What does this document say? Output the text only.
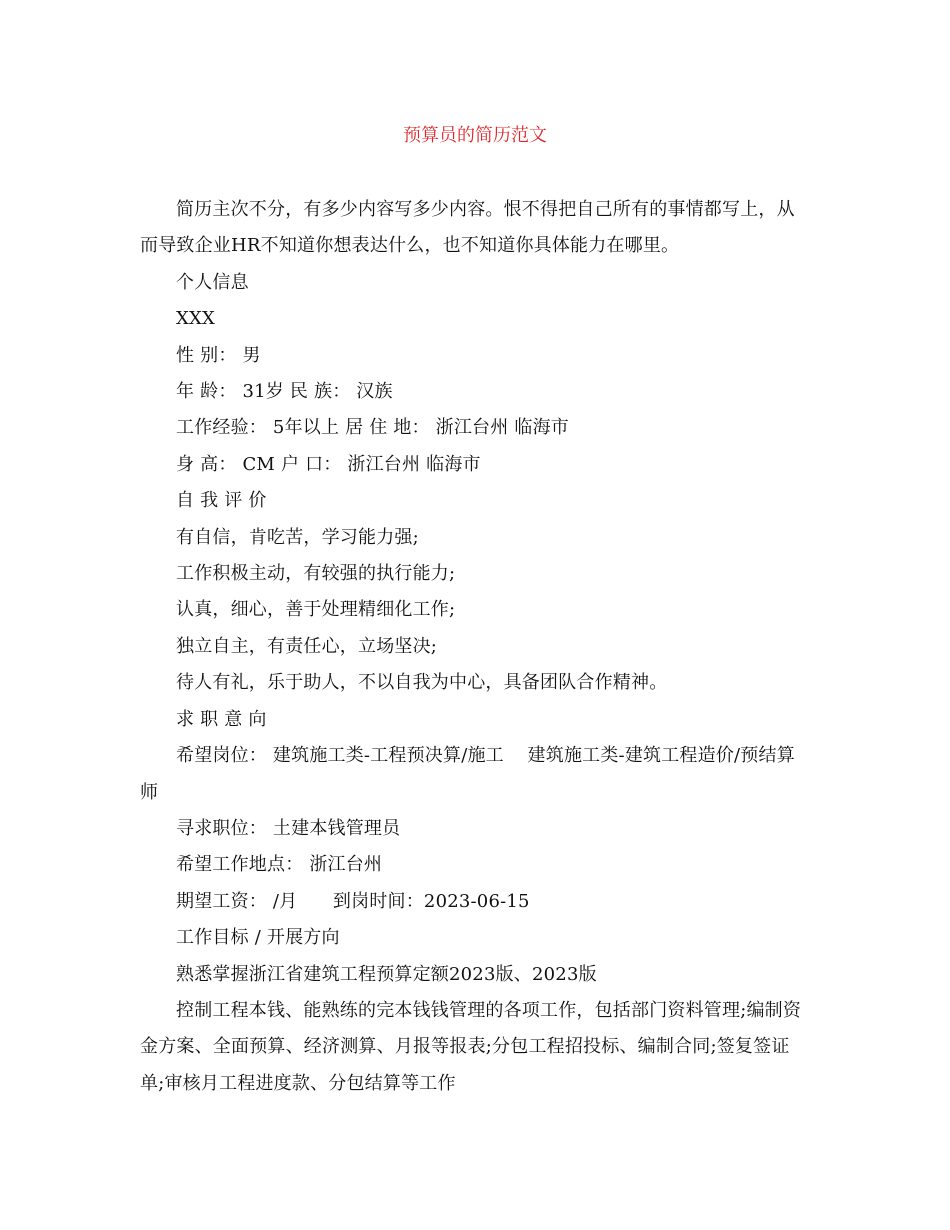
预算员的简历范文

简历主次不分，有多少内容写多少内容。恨不得把自己所有的事情都写上，从而导致企业HR不知道你想表达什么，也不知道你具体能力在哪里。

个人信息

XXX

性 别： 男

年 龄： 31岁 民 族： 汉族

工作经验： 5年以上 居 住 地： 浙江台州 临海市

身 高： CM 户 口： 浙江台州 临海市

自 我 评 价

有自信，肯吃苦，学习能力强;

工作积极主动，有较强的执行能力;

认真，细心，善于处理精细化工作;

独立自主，有责任心，立场坚决;

待人有礼，乐于助人，不以自我为中心，具备团队合作精神。

求 职 意 向

希望岗位： 建筑施工类-工程预决算/施工    建筑施工类-建筑工程造价/预结算师

寻求职位： 土建本钱管理员

希望工作地点： 浙江台州

期望工资： /月      到岗时间：2023-06-15

工作目标 / 开展方向

熟悉掌握浙江省建筑工程预算定额2023版、2023版

控制工程本钱、能熟练的完本钱钱管理的各项工作，包括部门资料管理;编制资金方案、全面预算、经济测算、月报等报表;分包工程招投标、编制合同;签复签证单;审核月工程进度款、分包结算等工作
